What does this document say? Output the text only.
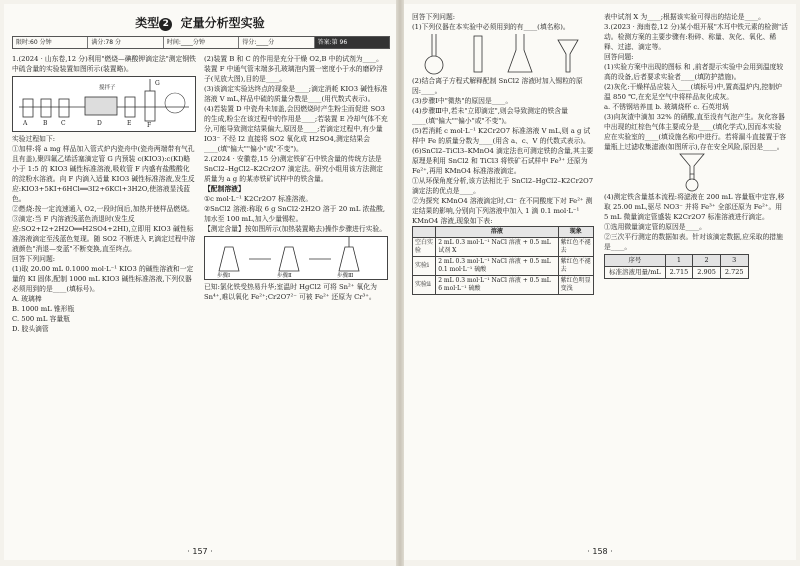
类型 2 定量分析型实验
限时:60 分钟	满分:78 分	时间:____分钟	得分:____分	答案:第 96

1.(2024 · 山东卷,12 分)利用"燃烧—碘酸钾滴定法"测定钢铁中硫含量的实验装置如图所示(装置略)。

A	B C	D	E	F
G
搅拌子

实验过程如下:

①加样:将 a mg 样品加入管式炉内瓷舟中(瓷舟两端带有气孔且有盖),聚四氟乙烯活塞滴定管 G 内预装 c(KIO3):c(KI)略小于 1:5 的 KIO3 碱性标准溶液,吸收管 F 内盛有盐酸酸化的淀粉水溶液。向 F 内滴入适量 KIO3 碱性标准溶液,发生反应:KIO3+5KI+6HCl══3I2+6KCl+3H2O,使溶液显浅蓝色。

②燃烧:按一定流速通入 O2,一段时间后,加热并使样品燃烧。

③滴定:当 F 内溶液浅蓝色消退时(发生反应:SO2+I2+2H2O══H2SO4+2HI),立即用 KIO3 碱性标准溶液滴定至浅蓝色复现。随 SO2 不断进入 F,滴定过程中溶液颜色"消退—变蓝"不断变换,直至终点。

回答下列问题:

(1)取 20.00 mL 0.1000 mol·L⁻¹ KIO3 的碱性溶液和一定量的 KI 固体,配制 1000 mL KIO3 碱性标准溶液,下列仪器必须用到的是____(填标号)。

A. 玻璃棒

B. 1000 mL 锥形瓶

C. 500 mL 容量瓶

D. 胶头滴管

(2)装置 B 和 C 的作用是充分干燥 O2,B 中的试剂为____。装置 F 中通气管末端多孔玻璃泡内置一密度小于水的磨砂浮子(见放大图),目的是____。

(3)该滴定实验达终点的现象是____;滴定消耗 KIO3 碱性标准溶液 V mL,样品中硫的质量分数是____(用代数式表示)。

(4)若装置 D 中瓷舟未加盖,会因燃烧时产生粉尘而促进 SO3 的生成,粉尘在该过程中的作用是____;若装置 E 冷却气体不充分,可能导致测定结果偏大,原因是____;若滴定过程中,有少量 IO3⁻ 不经 I2 直接将 SO2 氧化成 H2SO4,测定结果会____(填"偏大""偏小"或"不变")。

2.(2024 · 安徽卷,15 分)测定铁矿石中铁含量的传统方法是 SnCl2–HgCl2–K2Cr2O7 滴定法。研究小组用该方法测定质量为 a g 的某赤铁矿试样中的铁含量。

【配制溶液】

①c mol·L⁻¹ K2Cr2O7 标准溶液。

②SnCl2 溶液:称取 6 g SnCl2·2H2O 溶于 20 mL 浓盐酸,加水至 100 mL,加入少量锡粒。

【测定含量】按如图所示(加热装置略去)操作步骤进行实验。

步骤Ⅰ	步骤Ⅱ	步骤Ⅲ

已知:氯化铁受热易升华;室温时 HgCl2 可将 Sn²⁺ 氧化为 Sn⁴⁺,难以氧化 Fe²⁺;Cr2O7²⁻ 可被 Fe²⁺ 还原为 Cr³⁺。

· 157 ·

回答下列问题:

(1)下列仪器在本实验中必须用到的有____(填名称)。

(2)结合离子方程式解释配制 SnCl2 溶液时加入锡粒的原因:____。

(3)步骤Ⅰ中"微热"的原因是____。

(4)步骤Ⅲ中,若未"立即滴定",则会导致测定的铁含量____(填"偏大""偏小"或"不变")。

(5)若消耗 c mol·L⁻¹ K2Cr2O7 标准溶液 V mL,则 a g 试样中 Fe 的质量分数为____(用含 a、c、V 的代数式表示)。

(6)SnCl2–TiCl3–KMnO4 滴定法也可测定铁的含量,其主要原理是利用 SnCl2 和 TiCl3 将铁矿石试样中 Fe³⁺ 还原为 Fe²⁺,再用 KMnO4 标准溶液滴定。

①从环保角度分析,该方法相比于 SnCl2–HgCl2–K2Cr2O7 滴定法的优点是____。

②为探究 KMnO4 溶液滴定时,Cl⁻ 在不同酸度下对 Fe²⁺ 测定结果的影响,分别向下列溶液中加入 1 滴 0.1 mol·L⁻¹ KMnO4 溶液,现象如下表:

	溶液	现象
空白实验	2 mL 0.3 mol·L⁻¹ NaCl 溶液 + 0.5 mL 试剂 X	紫红色不褪去
实验ⅰ	2 mL 0.3 mol·L⁻¹ NaCl 溶液 + 0.5 mL 0.1 mol·L⁻¹ 硫酸	紫红色不褪去
实验ⅱ	2 mL 0.3 mol·L⁻¹ NaCl 溶液 + 0.5 mL 6 mol·L⁻¹ 硫酸	紫红色明显变浅

表中试剂 X 为____;根据该实验可得出的结论是____。

3.(2023 · 海南卷,12 分)某小组开展"木耳中铁元素的检测"活动。检测方案的主要步骤有:粉碎、称量、灰化、氧化、稀释、过滤、滴定等。

回答问题:

(1)实验方案中出现的图标 和 ,前者提示实验中会用到温度较高的设备,后者要求实验者____(填防护措施)。

(2)灰化:干燥样品应装入____(填标号)中,置高温炉内,控制炉温 850 ℃,在充足空气中将样品灰化成灰。

a. 不锈钢培养皿 b. 玻璃烧杯 c. 石英坩埚

(3)向灰渣中滴加 32% 的硝酸,直至没有气泡产生。灰化容器中出现的红棕色气体主要成分是____(填化学式),因而本实验应在实验室的____(填设施名称)中进行。若将漏斗直接置于容量瓶上过滤收集滤液(如图所示),存在安全风险,原因是____。

(4)测定铁含量基本流程:将滤液在 200 mL 容量瓶中定容,移取 25.00 mL,驱尽 NO3⁻ 并将 Fe³⁺ 全部还原为 Fe²⁺。用 5 mL 微量滴定管盛装 K2Cr2O7 标准溶液进行滴定。

①选用微量滴定管的原因是____。

②三次平行测定的数据如表。针对该滴定数据,应采取的措施是____。

序号	1	2	3
标准溶液用量/mL	2.715	2.905	2.725
· 158 ·
